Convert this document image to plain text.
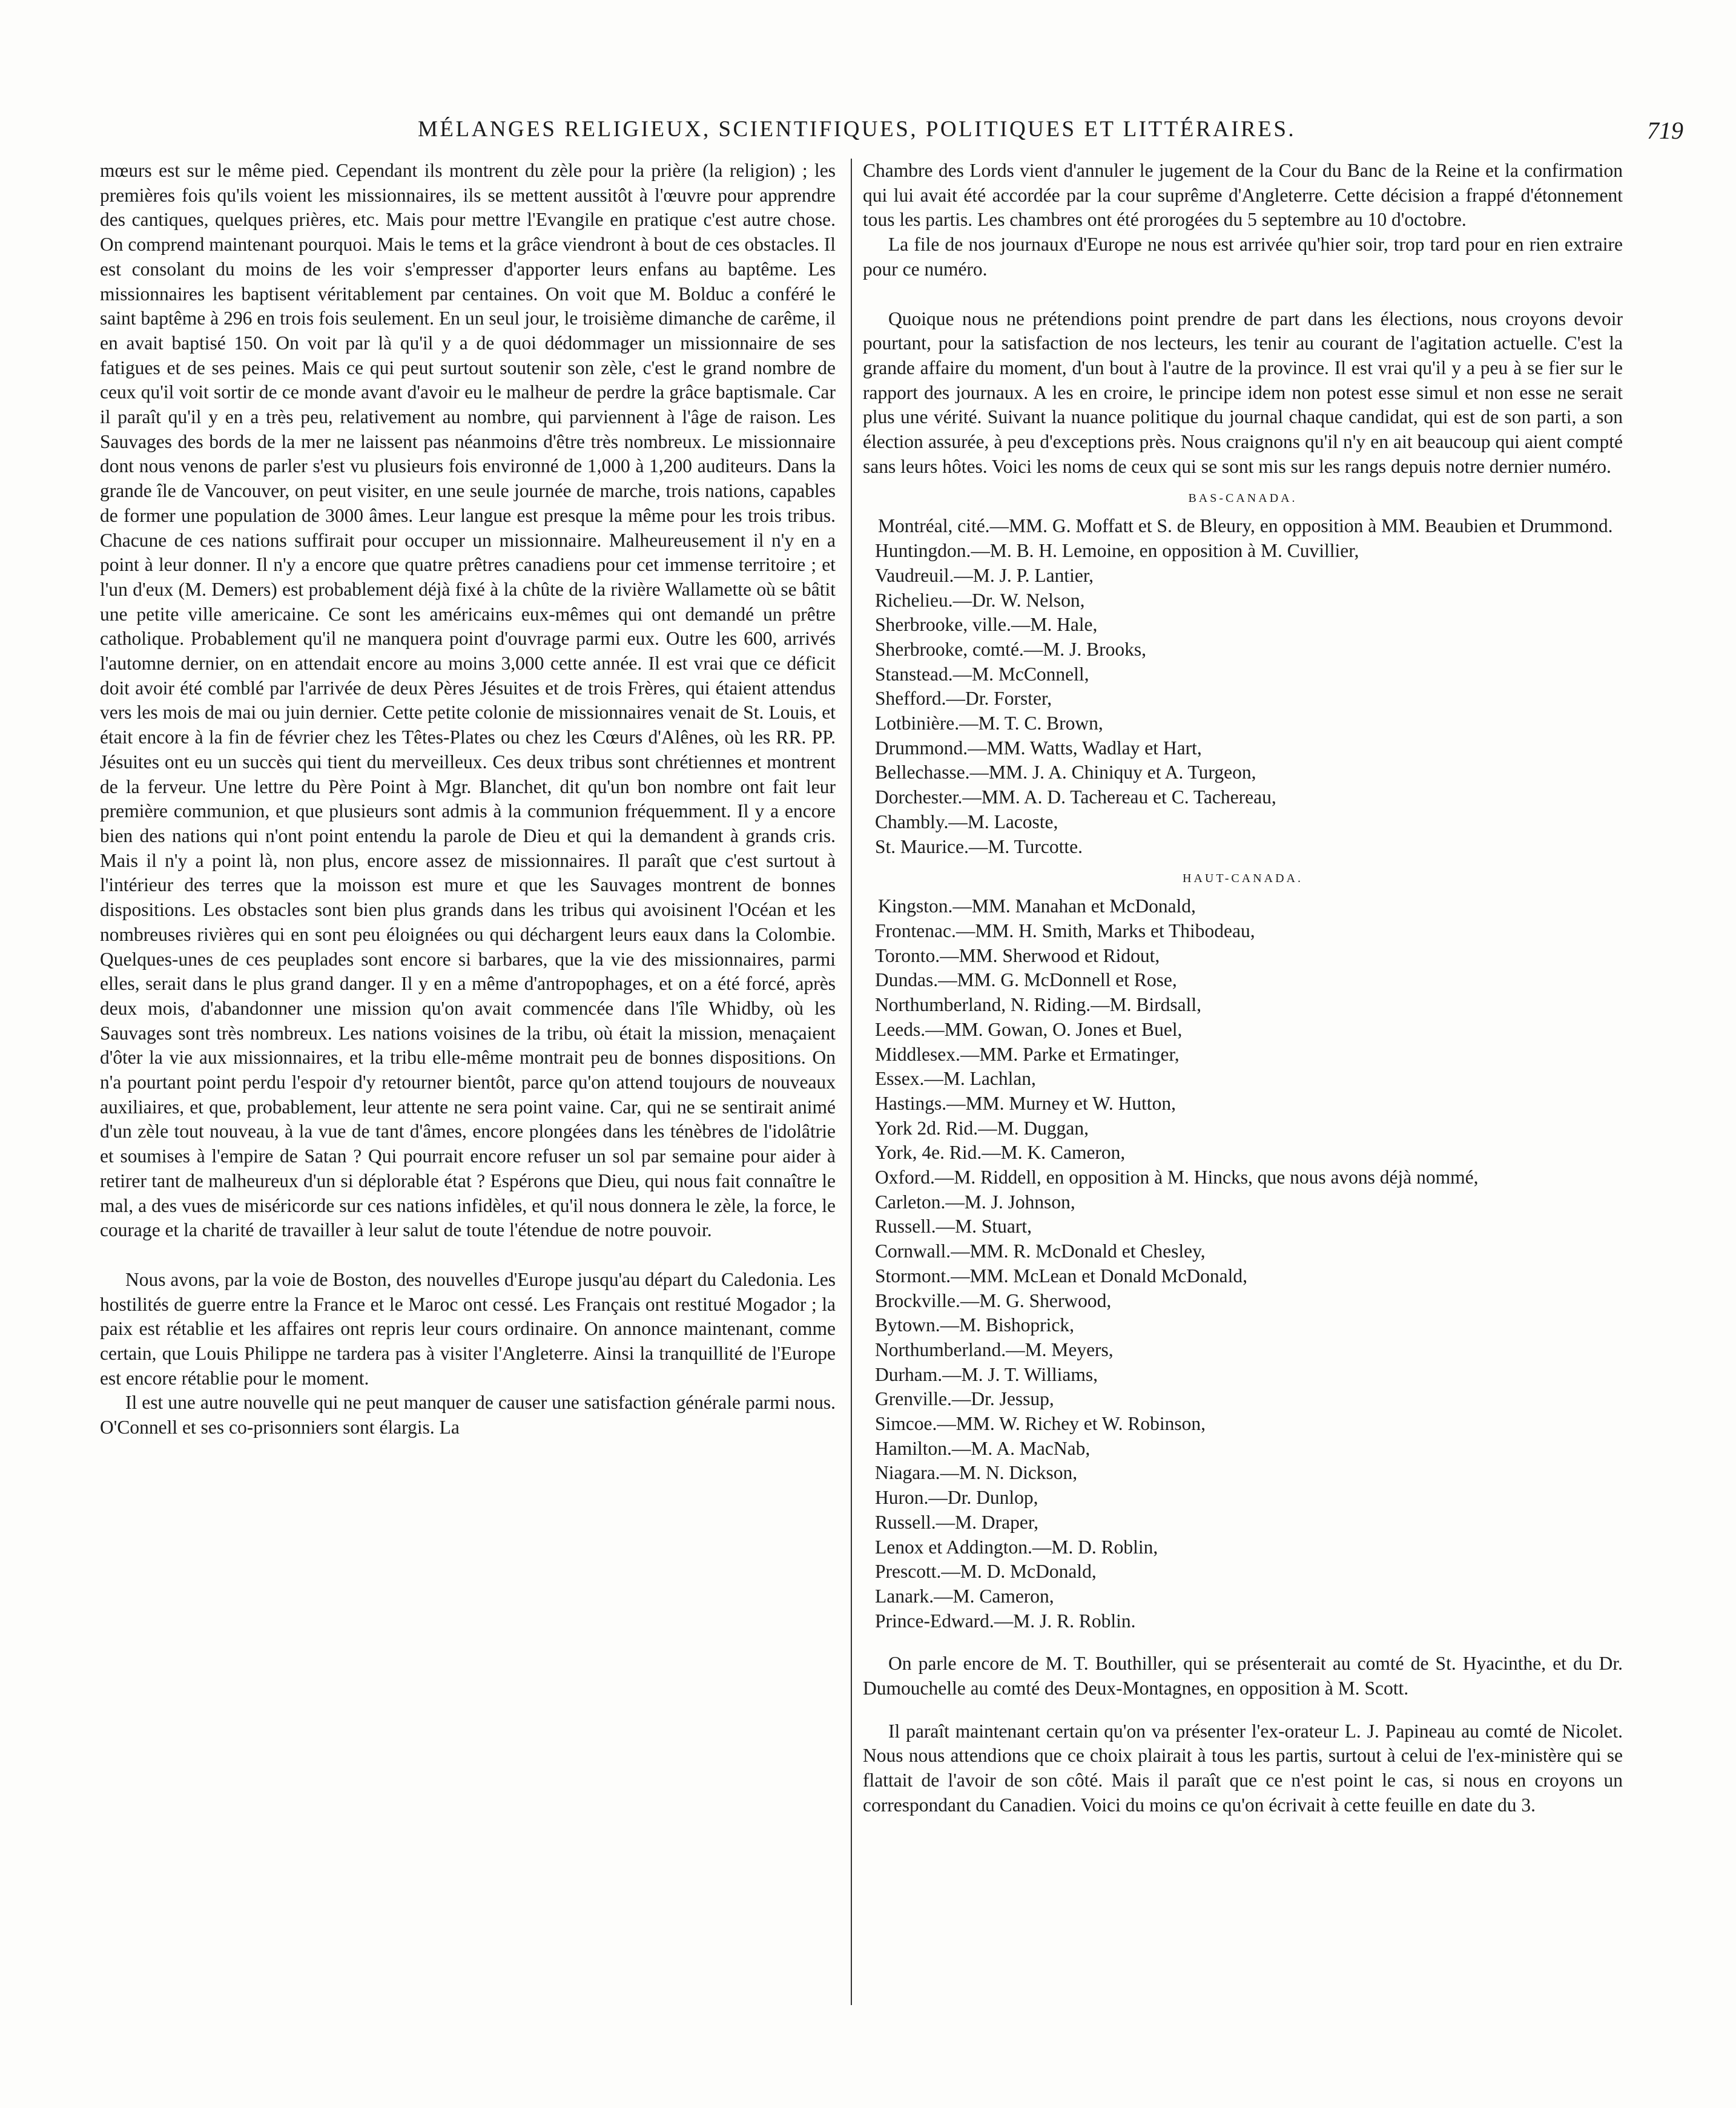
MÉLANGES RELIGIEUX, SCIENTIFIQUES, POLITIQUES ET LITTÉRAIRES.	719

mœurs est sur le même pied. Cependant ils montrent du zèle pour la prière (la religion) ; les premières fois qu'ils voient les missionnaires, ils se mettent aussitôt à l'œuvre pour apprendre des cantiques, quelques prières, etc. Mais pour mettre l'Evangile en pratique c'est autre chose. On comprend maintenant pourquoi. Mais le tems et la grâce viendront à bout de ces obstacles. Il est consolant du moins de les voir s'empresser d'apporter leurs enfans au baptême. Les missionnaires les baptisent véritablement par centaines. On voit que M. Bolduc a conféré le saint baptême à 296 en trois fois seulement. En un seul jour, le troisième dimanche de carême, il en avait baptisé 150. On voit par là qu'il y a de quoi dédommager un missionnaire de ses fatigues et de ses peines. Mais ce qui peut surtout soutenir son zèle, c'est le grand nombre de ceux qu'il voit sortir de ce monde avant d'avoir eu le malheur de perdre la grâce baptismale. Car il paraît qu'il y en a très peu, relativement au nombre, qui parviennent à l'âge de raison. Les Sauvages des bords de la mer ne laissent pas néanmoins d'être très nombreux. Le missionnaire dont nous venons de parler s'est vu plusieurs fois environné de 1,000 à 1,200 auditeurs. Dans la grande île de Vancouver, on peut visiter, en une seule journée de marche, trois nations, capables de former une population de 3000 âmes. Leur langue est presque la même pour les trois tribus. Chacune de ces nations suffirait pour occuper un missionnaire. Malheureusement il n'y en a point à leur donner. Il n'y a encore que quatre prêtres canadiens pour cet immense territoire ; et l'un d'eux (M. Demers) est probablement déjà fixé à la chûte de la rivière Wallamette où se bâtit une petite ville americaine. Ce sont les américains eux-mêmes qui ont demandé un prêtre catholique. Probablement qu'il ne manquera point d'ouvrage parmi eux. Outre les 600, arrivés l'automne dernier, on en attendait encore au moins 3,000 cette année. Il est vrai que ce déficit doit avoir été comblé par l'arrivée de deux Pères Jésuites et de trois Frères, qui étaient attendus vers les mois de mai ou juin dernier. Cette petite colonie de missionnaires venait de St. Louis, et était encore à la fin de février chez les Têtes-Plates ou chez les Cœurs d'Alênes, où les RR. PP. Jésuites ont eu un succès qui tient du merveilleux. Ces deux tribus sont chrétiennes et montrent de la ferveur. Une lettre du Père Point à Mgr. Blanchet, dit qu'un bon nombre ont fait leur première communion, et que plusieurs sont admis à la communion fréquemment. Il y a encore bien des nations qui n'ont point entendu la parole de Dieu et qui la demandent à grands cris. Mais il n'y a point là, non plus, encore assez de missionnaires. Il paraît que c'est surtout à l'intérieur des terres que la moisson est mure et que les Sauvages montrent de bonnes dispositions. Les obstacles sont bien plus grands dans les tribus qui avoisinent l'Océan et les nombreuses rivières qui en sont peu éloignées ou qui déchargent leurs eaux dans la Colombie. Quelques-unes de ces peuplades sont encore si barbares, que la vie des missionnaires, parmi elles, serait dans le plus grand danger. Il y en a même d'antropophages, et on a été forcé, après deux mois, d'abandonner une mission qu'on avait commencée dans l'île Whidby, où les Sauvages sont très nombreux. Les nations voisines de la tribu, où était la mission, menaçaient d'ôter la vie aux missionnaires, et la tribu elle-même montrait peu de bonnes dispositions. On n'a pourtant point perdu l'espoir d'y retourner bientôt, parce qu'on attend toujours de nouveaux auxiliaires, et que, probablement, leur attente ne sera point vaine. Car, qui ne se sentirait animé d'un zèle tout nouveau, à la vue de tant d'âmes, encore plongées dans les ténèbres de l'idolâtrie et soumises à l'empire de Satan ? Qui pourrait encore refuser un sol par semaine pour aider à retirer tant de malheureux d'un si déplorable état ? Espérons que Dieu, qui nous fait connaître le mal, a des vues de miséricorde sur ces nations infidèles, et qu'il nous donnera le zèle, la force, le courage et la charité de travailler à leur salut de toute l'étendue de notre pouvoir.

Nous avons, par la voie de Boston, des nouvelles d'Europe jusqu'au départ du Caledonia. Les hostilités de guerre entre la France et le Maroc ont cessé. Les Français ont restitué Mogador ; la paix est rétablie et les affaires ont repris leur cours ordinaire. On annonce maintenant, comme certain, que Louis Philippe ne tardera pas à visiter l'Angleterre. Ainsi la tranquillité de l'Europe est encore rétablie pour le moment.

Il est une autre nouvelle qui ne peut manquer de causer une satisfaction générale parmi nous. O'Connell et ses co-prisonniers sont élargis. La

Chambre des Lords vient d'annuler le jugement de la Cour du Banc de la Reine et la confirmation qui lui avait été accordée par la cour suprême d'Angleterre. Cette décision a frappé d'étonnement tous les partis. Les chambres ont été prorogées du 5 septembre au 10 d'octobre.

La file de nos journaux d'Europe ne nous est arrivée qu'hier soir, trop tard pour en rien extraire pour ce numéro.

Quoique nous ne prétendions point prendre de part dans les élections, nous croyons devoir pourtant, pour la satisfaction de nos lecteurs, les tenir au courant de l'agitation actuelle. C'est la grande affaire du moment, d'un bout à l'autre de la province. Il est vrai qu'il y a peu à se fier sur le rapport des journaux. A les en croire, le principe idem non potest esse simul et non esse ne serait plus une vérité. Suivant la nuance politique du journal chaque candidat, qui est de son parti, a son élection assurée, à peu d'exceptions près. Nous craignons qu'il n'y en ait beaucoup qui aient compté sans leurs hôtes. Voici les noms de ceux qui se sont mis sur les rangs depuis notre dernier numéro.

BAS-CANADA.
Montréal, cité.—MM. G. Moffatt et S. de Bleury, en opposition à MM. Beaubien et Drummond.
Huntingdon.—M. B. H. Lemoine, en opposition à M. Cuvillier,
Vaudreuil.—M. J. P. Lantier,
Richelieu.—Dr. W. Nelson,
Sherbrooke, ville.—M. Hale,
Sherbrooke, comté.—M. J. Brooks,
Stanstead.—M. McConnell,
Shefford.—Dr. Forster,
Lotbinière.—M. T. C. Brown,
Drummond.—MM. Watts, Wadlay et Hart,
Bellechasse.—MM. J. A. Chiniquy et A. Turgeon,
Dorchester.—MM. A. D. Tachereau et C. Tachereau,
Chambly.—M. Lacoste,
St. Maurice.—M. Turcotte.
HAUT-CANADA.
Kingston.—MM. Manahan et McDonald,
Frontenac.—MM. H. Smith, Marks et Thibodeau,
Toronto.—MM. Sherwood et Ridout,
Dundas.—MM. G. McDonnell et Rose,
Northumberland, N. Riding.—M. Birdsall,
Leeds.—MM. Gowan, O. Jones et Buel,
Middlesex.—MM. Parke et Ermatinger,
Essex.—M. Lachlan,
Hastings.—MM. Murney et W. Hutton,
York 2d. Rid.—M. Duggan,
York, 4e. Rid.—M. K. Cameron,
Oxford.—M. Riddell, en opposition à M. Hincks, que nous avons déjà nommé,
Carleton.—M. J. Johnson,
Russell.—M. Stuart,
Cornwall.—MM. R. McDonald et Chesley,
Stormont.—MM. McLean et Donald McDonald,
Brockville.—M. G. Sherwood,
Bytown.—M. Bishoprick,
Northumberland.—M. Meyers,
Durham.—M. J. T. Williams,
Grenville.—Dr. Jessup,
Simcoe.—MM. W. Richey et W. Robinson,
Hamilton.—M. A. MacNab,
Niagara.—M. N. Dickson,
Huron.—Dr. Dunlop,
Russell.—M. Draper,
Lenox et Addington.—M. D. Roblin,
Prescott.—M. D. McDonald,
Lanark.—M. Cameron,
Prince-Edward.—M. J. R. Roblin.

On parle encore de M. T. Bouthiller, qui se présenterait au comté de St. Hyacinthe, et du Dr. Dumouchelle au comté des Deux-Montagnes, en opposition à M. Scott.

Il paraît maintenant certain qu'on va présenter l'ex-orateur L. J. Papineau au comté de Nicolet. Nous nous attendions que ce choix plairait à tous les partis, surtout à celui de l'ex-ministère qui se flattait de l'avoir de son côté. Mais il paraît que ce n'est point le cas, si nous en croyons un correspondant du Canadien. Voici du moins ce qu'on écrivait à cette feuille en date du 3.
